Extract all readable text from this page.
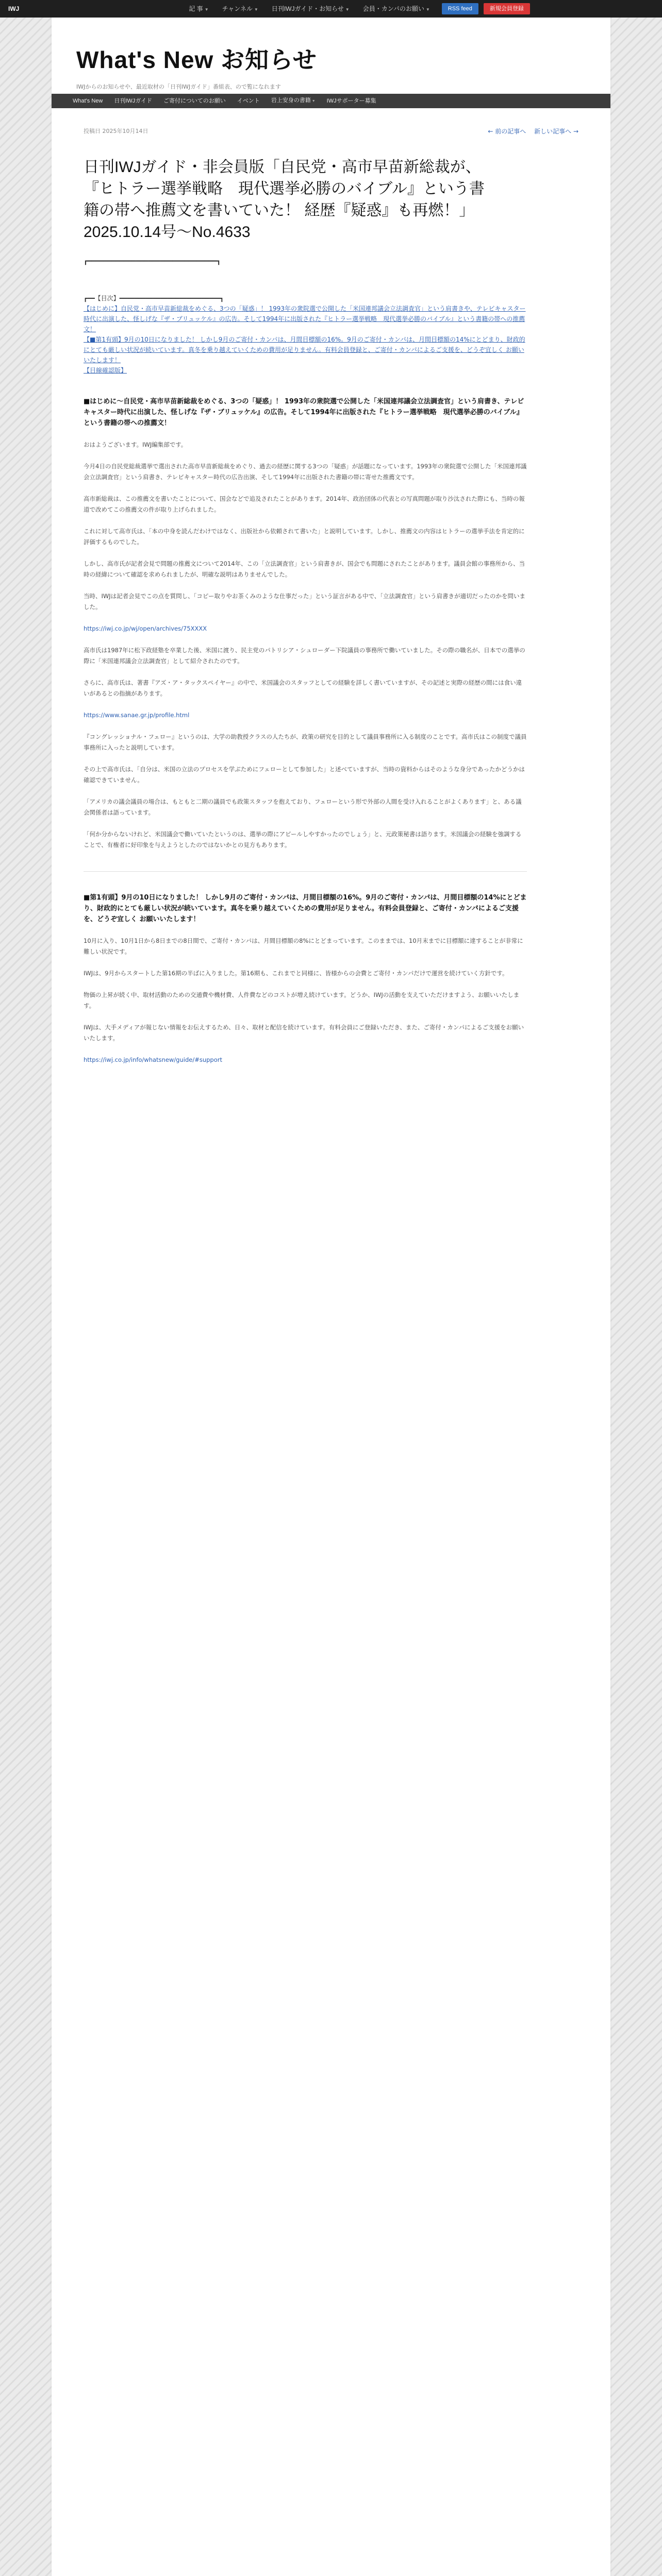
IWJ	記 事 ▼	チャンネル ▼	日刊IWJガイド・お知らせ ▼	会員・カンパのお願い ▼	RSS feed	新規会員登録
What's New お知らせ
IWJからのお知らせや、最近取材の「日刊IWJガイド」番組表、ので覧になれます
What's New	日刊IWJガイド	ご寄付についてのお願い	イベント	岩上安身の書籍 ▼	IWJサポーター募集
投稿日 2025年10月14日	← 前の記事へ 新しい記事へ →
日刊IWJガイド・非会員版「自民党・高市早苗新総裁が、『ヒトラー選挙戦略　現代選挙必勝のバイブル』という書籍の帯へ推薦文を書いていた！ 経歴『疑惑』も再燃！」2025.10.14号～No.4633
┏━━━━━━━━━━━━━━━━━━━━━━━━━━━━━━━━┓
┏━━【目次】━━━━━━━━━━━━━━━━━━━━━━━━━━━┓
【はじめに】自民党・高市早苗新総裁をめぐる、3つの「疑惑」！ 1993年の衆院選で公開した「米国連邦議会立法調査官」という肩書きや、テレビキャスター時代に出演した、怪しげな『ザ・ブリュッケル』の広告。そして1994年に出版された『ヒトラー選挙戦略　現代選挙必勝のバイブル』という書籍の帯への推薦文！
【■第1有頭】9月の10日になりました！ しかし9月のご寄付・カンパは、月間目標額の16%。9月のご寄付・カンパは、月間目標額の14%にとどまり、財政的にとても厳しい状況が続いています。真冬を乗り越えていくための費用が足りません。有料会員登録と、ご寄付・カンパによるご支援を、どうぞ宜しく お願いいたします！
【目線確認版】
■はじめに～自民党・高市早苗新総裁をめぐる、3つの「疑惑」！ 1993年の衆院選で公開した「米国連邦議会立法調査官」という肩書き、テレビキャスター時代に出演した、怪しげな『ザ・ブリュッケル』の広告。そして1994年に出版された『ヒトラー選挙戦略　現代選挙必勝のバイブル』という書籍の帯への推薦文！
おはようございます。IWJ編集部です。
今月4日の自民党総裁選挙で選出された高市早苗新総裁をめぐり、過去の経歴に関する3つの「疑惑」が話題になっています。1993年の衆院選で公開した「米国連邦議会立法調査官」という肩書き、テレビキャスター時代の広告出演、そして1994年に出版された書籍の帯に寄せた推薦文です。
高市新総裁は、この推薦文を書いたことについて、国会などで追及されたことがあります。2014年、政治団体の代表との写真問題が取り沙汰された際にも、当時の報道で改めてこの推薦文の件が取り上げられました。
これに対して高市氏は、「本の中身を読んだわけではなく、出版社から依頼されて書いた」と説明しています。しかし、推薦文の内容はヒトラーの選挙手法を肯定的に評価するものでした。
しかし、高市氏が記者会見で問題の推薦文について2014年、この「立法調査官」という肩書きが、国会でも問題にされたことがあります。議員会館の事務所から、当時の経緯について確認を求められましたが、明確な説明はありませんでした。
当時、IWJは記者会見でこの点を質問し、「コピー取りやお茶くみのような仕事だった」という証言がある中で、「立法調査官」という肩書きが適切だったのかを問いました。
https://iwj.co.jp/wj/open/archives/75XXXX
高市氏は1987年に松下政経塾を卒業した後、米国に渡り、民主党のパトリシア・シュローダー下院議員の事務所で働いていました。その際の職名が、日本での選挙の際に「米国連邦議会立法調査官」として紹介されたのです。
さらに、高市氏は、著書『アズ・ア・タックスペイヤー』の中で、米国議会のスタッフとしての経験を詳しく書いていますが、その記述と実際の経歴の間には食い違いがあるとの指摘があります。
https://www.sanae.gr.jp/profile.html
『コングレッショナル・フェロー』というのは、大学の助教授クラスの人たちが、政策の研究を目的として議員事務所に入る制度のことです。高市氏はこの制度で議員事務所に入ったと説明しています。
その上で高市氏は、「自分は、米国の立法のプロセスを学ぶためにフェローとして参加した」と述べていますが、当時の資料からはそのような身分であったかどうかは確認できていません。
「アメリカの議会議員の場合は、もともと二期の議員でも政策スタッフを抱えており、フェローという形で外部の人間を受け入れることがよくあります」と、ある議会関係者は語っています。
「何か分からないけれど、米国議会で働いていたというのは、選挙の際にアピールしやすかったのでしょう」と、元政策秘書は語ります。米国議会の経験を強調することで、有権者に好印象を与えようとしたのではないかとの見方もあります。
■第1有頭】9月の10日になりました！ しかし9月のご寄付・カンパは、月間目標額の16%。9月のご寄付・カンパは、月間目標額の14%にとどまり、財政的にとても厳しい状況が続いています。真冬を乗り越えていくための費用が足りません。有料会員登録と、ご寄付・カンパによるご支援を、どうぞ宜しく お願いいたします！
10月に入り、10月1日から8日までの8日間で、ご寄付・カンパは、月間目標額の8%にとどまっています。このままでは、10月末までに目標額に達することが非常に難しい状況です。
IWJは、9月からスタートした第16期の半ばに入りました。第16期も、これまでと同様に、皆様からの会費とご寄付・カンパだけで運営を続けていく方針です。
物価の上昇が続く中、取材活動のための交通費や機材費、人件費などのコストが増え続けています。どうか、IWJの活動を支えていただけますよう、お願いいたします。
IWJは、大手メディアが報じない情報をお伝えするため、日々、取材と配信を続けています。有料会員にご登録いただき、また、ご寄付・カンパによるご支援をお願いいたします。
https://iwj.co.jp/info/whatsnew/guide/#support
